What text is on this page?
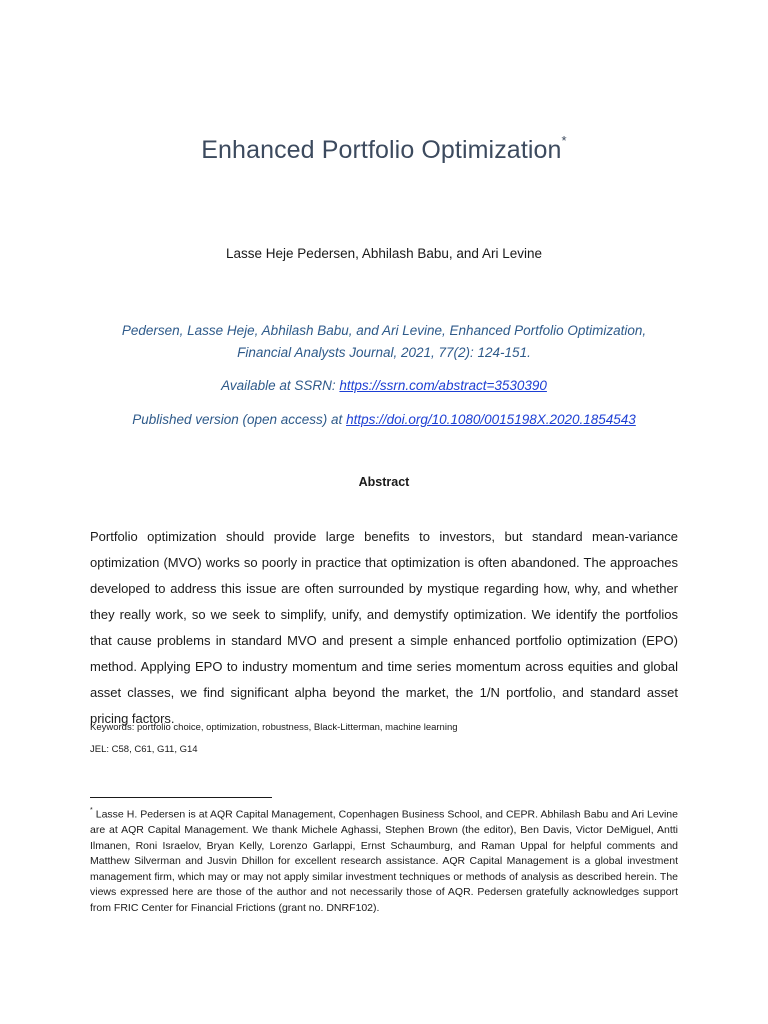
Enhanced Portfolio Optimization*
Lasse Heje Pedersen, Abhilash Babu, and Ari Levine
Pedersen, Lasse Heje, Abhilash Babu, and Ari Levine, Enhanced Portfolio Optimization,
Financial Analysts Journal, 2021, 77(2): 124-151.
Available at SSRN: https://ssrn.com/abstract=3530390
Published version (open access) at https://doi.org/10.1080/0015198X.2020.1854543
Abstract
Portfolio optimization should provide large benefits to investors, but standard mean-variance optimization (MVO) works so poorly in practice that optimization is often abandoned. The approaches developed to address this issue are often surrounded by mystique regarding how, why, and whether they really work, so we seek to simplify, unify, and demystify optimization. We identify the portfolios that cause problems in standard MVO and present a simple enhanced portfolio optimization (EPO) method. Applying EPO to industry momentum and time series momentum across equities and global asset classes, we find significant alpha beyond the market, the 1/N portfolio, and standard asset pricing factors.
Keywords: portfolio choice, optimization, robustness, Black-Litterman, machine learning
JEL: C58, C61, G11, G14
* Lasse H. Pedersen is at AQR Capital Management, Copenhagen Business School, and CEPR. Abhilash Babu and Ari Levine are at AQR Capital Management. We thank Michele Aghassi, Stephen Brown (the editor), Ben Davis, Victor DeMiguel, Antti Ilmanen, Roni Israelov, Bryan Kelly, Lorenzo Garlappi, Ernst Schaumburg, and Raman Uppal for helpful comments and Matthew Silverman and Jusvin Dhillon for excellent research assistance. AQR Capital Management is a global investment management firm, which may or may not apply similar investment techniques or methods of analysis as described herein. The views expressed here are those of the author and not necessarily those of AQR. Pedersen gratefully acknowledges support from FRIC Center for Financial Frictions (grant no. DNRF102).
